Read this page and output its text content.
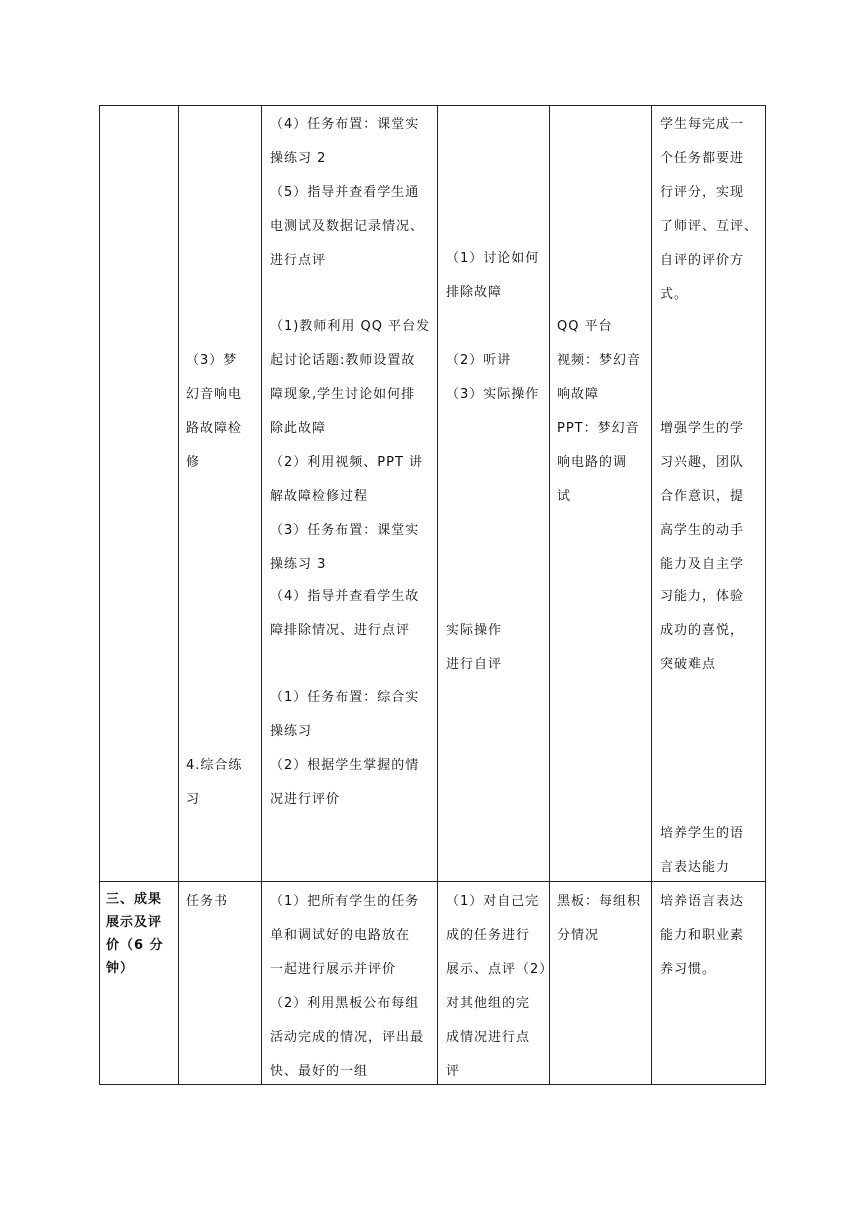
（3）梦
幻音响电
路故障检
修
4.综合练
习
（4）任务布置：课堂实
操练习 2
（5）指导并查看学生通
电测试及数据记录情况、
进行点评
（1)教师利用 QQ 平台发
起讨论话题:教师设置故
障现象,学生讨论如何排
除此故障
（2）利用视频、PPT 讲
解故障检修过程
（3）任务布置：课堂实
操练习 3
（4）指导并查看学生故
障排除情况、进行点评
（1）任务布置：综合实
操练习
（2）根据学生掌握的情
况进行评价
（1）讨论如何
排除故障
（2）听讲
（3）实际操作
实际操作
进行自评
QQ 平台
视频：梦幻音
响故障
PPT：梦幻音
响电路的调
试
学生每完成一
个任务都要进
行评分，实现
了师评、互评、
自评的评价方
式。
增强学生的学
习兴趣，团队
合作意识，提
高学生的动手
能力及自主学
习能力，体验
成功的喜悦，
突破难点
培养学生的语
言表达能力
三、成果
展示及评
价（6 分
钟）
任务书	（1）把所有学生的任务
单和调试好的电路放在
一起进行展示并评价
（2）利用黑板公布每组
活动完成的情况，评出最
快、最好的一组
（1）对自己完
成的任务进行
展示、点评（2）
对其他组的完
成情况进行点
评
黑板：每组积
分情况
培养语言表达
能力和职业素
养习惯。
